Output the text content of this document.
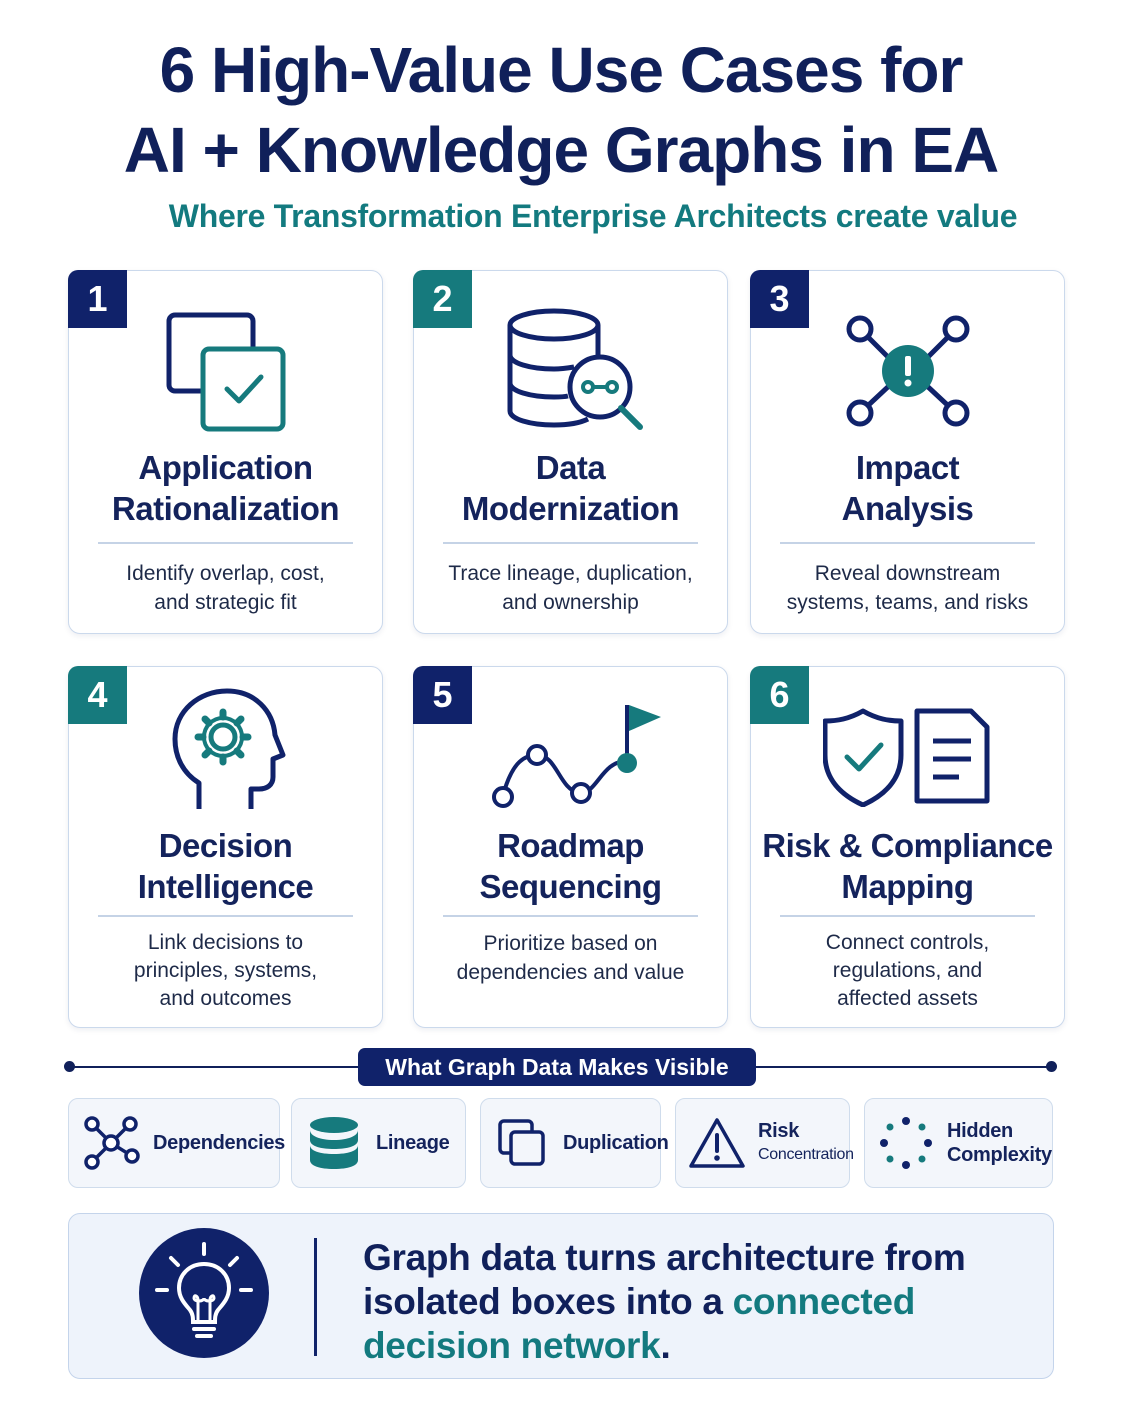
6 High-Value Use Cases for
AI + Knowledge Graphs in EA
Where Transformation Enterprise Architects create value
1
Application
Rationalization
Identify overlap, cost,
and strategic fit
2
Data
Modernization
Trace lineage, duplication,
and ownership
3
Impact
Analysis
Reveal downstream
systems, teams, and risks
4
Decision
Intelligence
Link decisions to
principles, systems,
and outcomes
5
Roadmap
Sequencing
Prioritize based on
dependencies and value
6
Risk & Compliance
Mapping
Connect controls,
regulations, and
affected assets
What Graph Data Makes Visible
Dependencies	Lineage	Duplication
Risk
Concentration
Hidden
Complexity
Graph data turns architecture from isolated boxes into a connected decision network.
